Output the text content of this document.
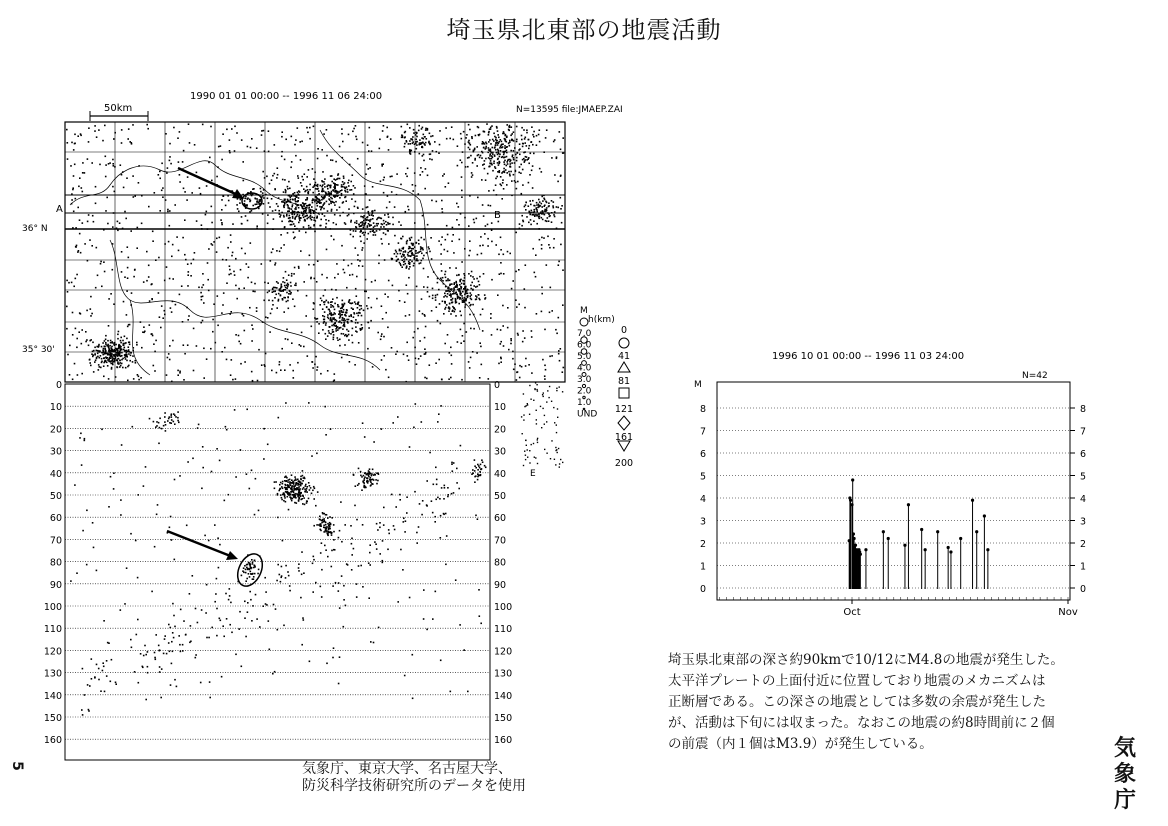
埼玉県北東部の地震活動
1990 01 01 00:00 -- 1996 11 06 24:00
N=13595 file:JMAEP.ZAI
50km
A
B
E
36° N
35° 30'
0	0
10	10
20	20
30	30
40	40
50	50
60	60
70	70
80	80
90	90
100	100
110	110
120	120
130	130
140	140
150	150
160	160
M
7.0
6.0
5.0
4.0
3.0
2.0
1.0
UND
h(km)
0
41
81
121
161
200
1996 10 01 00:00 -- 1996 11 03 24:00
N=42
M
8	8
7	7
6	6
5	5
4	4
3	3
2	2
1	1
0	0
Oct	Nov
埼玉県北東部の深さ約90kmで10/12にM4.8の地震が発生した。
太平洋プレートの上面付近に位置しており地震のメカニズムは
正断層である。この深さの地震としては多数の余震が発生した
が、活動は下旬には収まった。なおこの地震の約8時間前に２個
の前震（内１個はM3.9）が発生している。
気象庁、東京大学、名古屋大学、
防災科学技術研究所のデータを使用
気
象
庁
5
